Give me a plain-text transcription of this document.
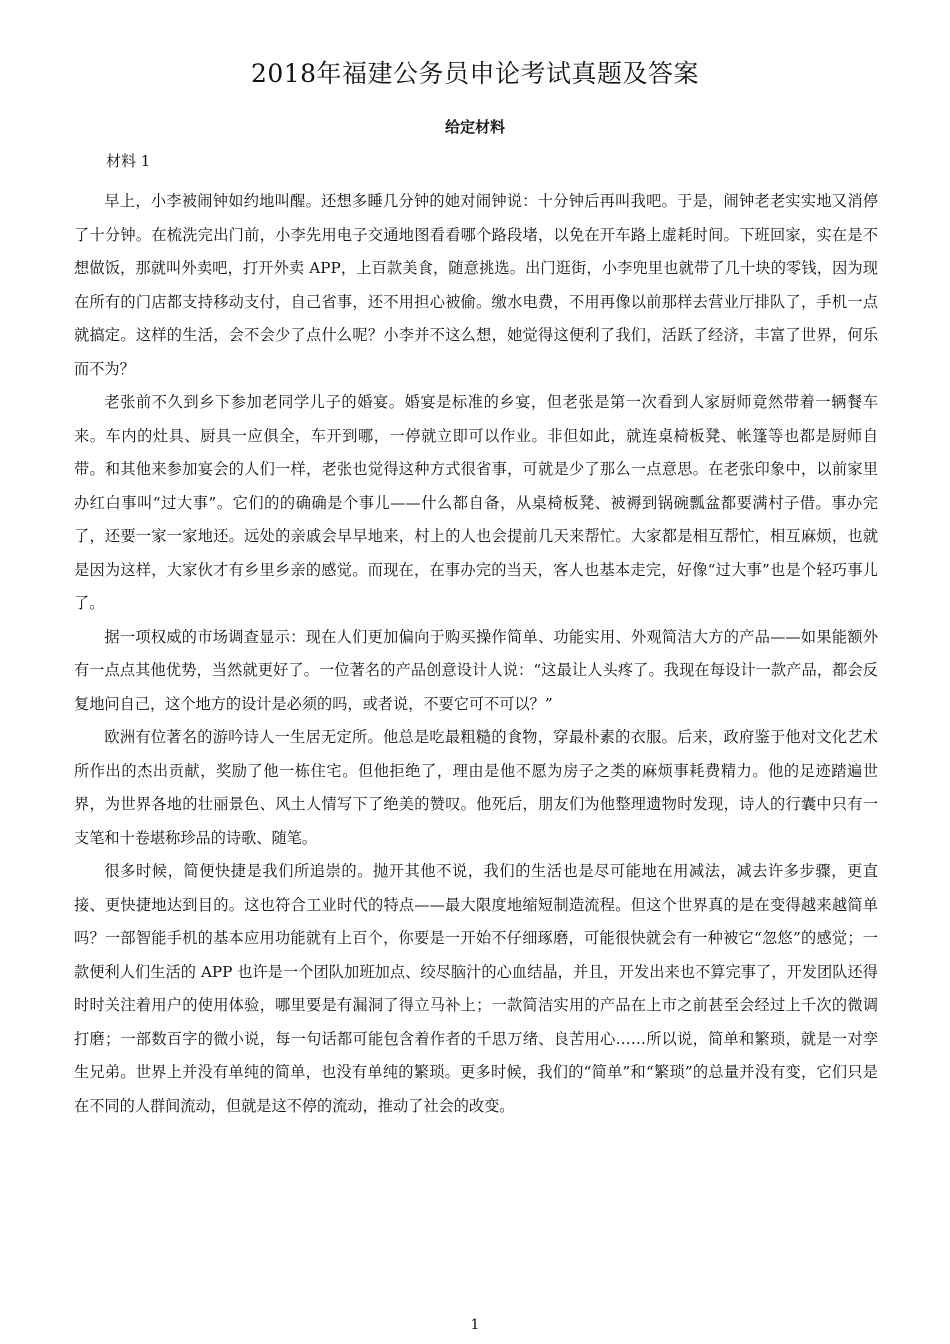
2018年福建公务员申论考试真题及答案
给定材料
材料 1

早上，小李被闹钟如约地叫醒。还想多睡几分钟的她对闹钟说：十分钟后再叫我吧。于是，闹钟老老实实地又消停了十分钟。在梳洗完出门前，小李先用电子交通地图看看哪个路段堵，以免在开车路上虚耗时间。下班回家，实在是不想做饭，那就叫外卖吧，打开外卖 APP，上百款美食，随意挑选。出门逛街，小李兜里也就带了几十块的零钱，因为现在所有的门店都支持移动支付，自己省事，还不用担心被偷。缴水电费，不用再像以前那样去营业厅排队了，手机一点就搞定。这样的生活，会不会少了点什么呢？小李并不这么想，她觉得这便利了我们，活跃了经济，丰富了世界，何乐而不为？

老张前不久到乡下参加老同学儿子的婚宴。婚宴是标准的乡宴，但老张是第一次看到人家厨师竟然带着一辆餐车来。车内的灶具、厨具一应俱全，车开到哪，一停就立即可以作业。非但如此，就连桌椅板凳、帐篷等也都是厨师自带。和其他来参加宴会的人们一样，老张也觉得这种方式很省事，可就是少了那么一点意思。在老张印象中，以前家里办红白事叫“过大事”。它们的的确确是个事儿——什么都自备，从桌椅板凳、被褥到锅碗瓢盆都要满村子借。事办完了，还要一家一家地还。远处的亲戚会早早地来，村上的人也会提前几天来帮忙。大家都是相互帮忙，相互麻烦，也就是因为这样，大家伙才有乡里乡亲的感觉。而现在，在事办完的当天，客人也基本走完，好像“过大事”也是个轻巧事儿了。

据一项权威的市场调查显示：现在人们更加偏向于购买操作简单、功能实用、外观简洁大方的产品——如果能额外有一点点其他优势，当然就更好了。一位著名的产品创意设计人说：“这最让人头疼了。我现在每设计一款产品，都会反复地问自己，这个地方的设计是必须的吗，或者说，不要它可不可以？”

欧洲有位著名的游吟诗人一生居无定所。他总是吃最粗糙的食物，穿最朴素的衣服。后来，政府鉴于他对文化艺术所作出的杰出贡献，奖励了他一栋住宅。但他拒绝了，理由是他不愿为房子之类的麻烦事耗费精力。他的足迹踏遍世界，为世界各地的壮丽景色、风土人情写下了绝美的赞叹。他死后，朋友们为他整理遗物时发现，诗人的行囊中只有一支笔和十卷堪称珍品的诗歌、随笔。

很多时候，简便快捷是我们所追崇的。抛开其他不说，我们的生活也是尽可能地在用减法，减去许多步骤，更直接、更快捷地达到目的。这也符合工业时代的特点——最大限度地缩短制造流程。但这个世界真的是在变得越来越简单吗？一部智能手机的基本应用功能就有上百个，你要是一开始不仔细琢磨，可能很快就会有一种被它“忽悠”的感觉；一款便利人们生活的 APP 也许是一个团队加班加点、绞尽脑汁的心血结晶，并且，开发出来也不算完事了，开发团队还得时时关注着用户的使用体验，哪里要是有漏洞了得立马补上；一款简洁实用的产品在上市之前甚至会经过上千次的微调打磨；一部数百字的微小说，每一句话都可能包含着作者的千思万绪、良苦用心……所以说，简单和繁琐，就是一对孪生兄弟。世界上并没有单纯的简单，也没有单纯的繁琐。更多时候，我们的“简单”和“繁琐”的总量并没有变，它们只是在不同的人群间流动，但就是这不停的流动，推动了社会的改变。

1
